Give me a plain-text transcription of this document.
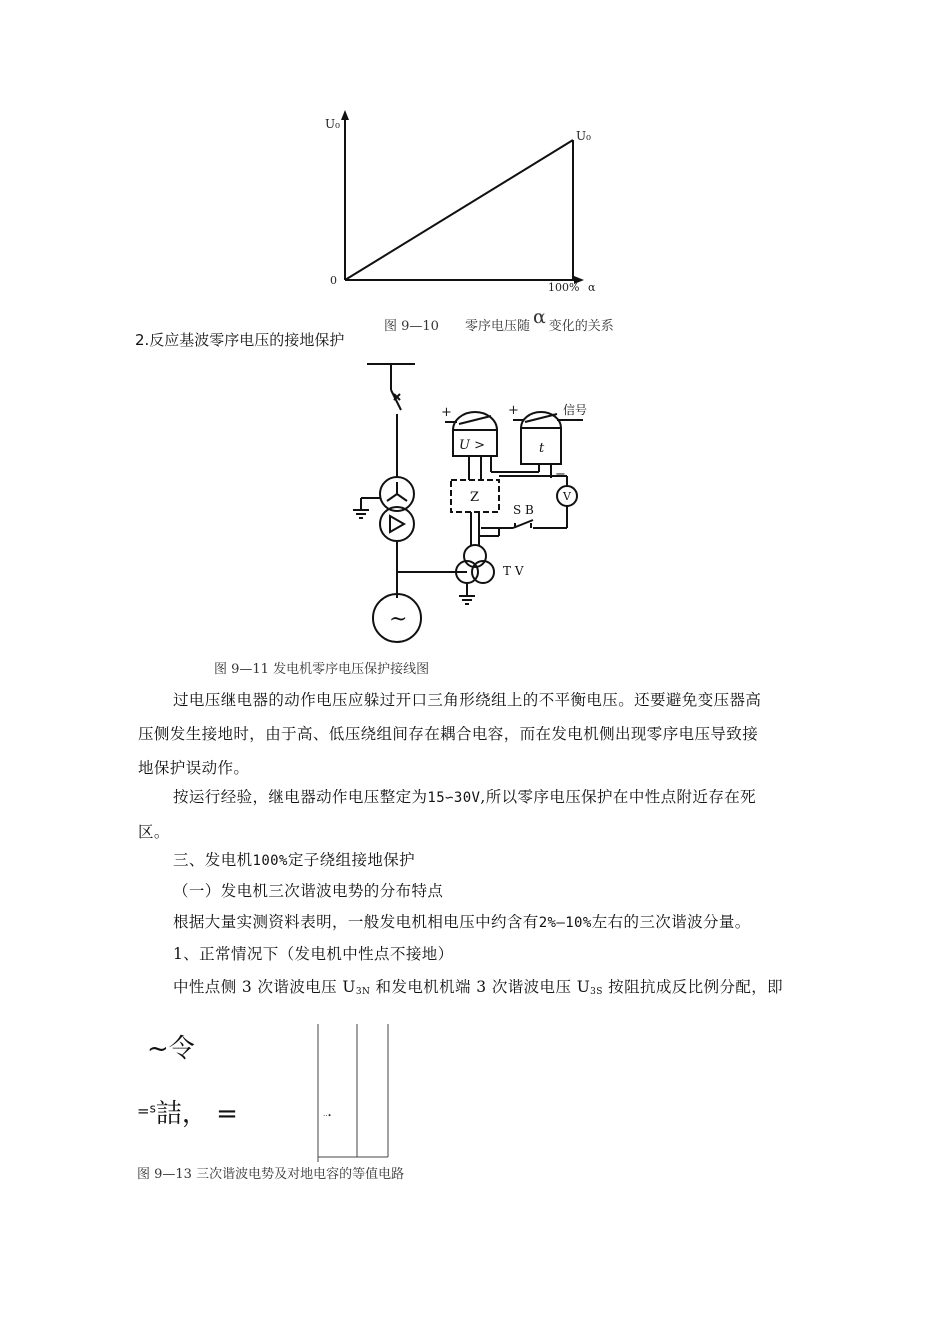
U₀
U₀
0
100% α
图 9—10　　零序电压随 α 变化的关系
2.反应基波零序电压的接地保护
~
U >	t
信号
+	+
−
Z
S B
V
T V
图 9—11 发电机零序电压保护接线图
过电压继电器的动作电压应躲过开口三角形绕组上的不平衡电压。还要避免变压器高
压侧发生接地时，由于高、低压绕组间存在耦合电容，而在发电机侧出现零序电压导致接
地保护误动作。
按运行经验，继电器动作电压整定为15∽30V,所以零序电压保护在中性点附近存在死
区。
三、发电机100%定子绕组接地保护
（一）发电机三次谐波电势的分布特点
根据大量实测资料表明，一般发电机相电压中约含有2%—10%左右的三次谐波分量。
1、正常情况下（发电机中性点不接地）
中性点侧 3 次谐波电压 $U_{3N}$ 和发电机机端 3 次谐波电压 $U_{3S}$ 按阻抗成反比例分配，即
~令
$^{=s}$詰， =	··•
图 9—13 三次谐波电势及对地电容的等值电路
